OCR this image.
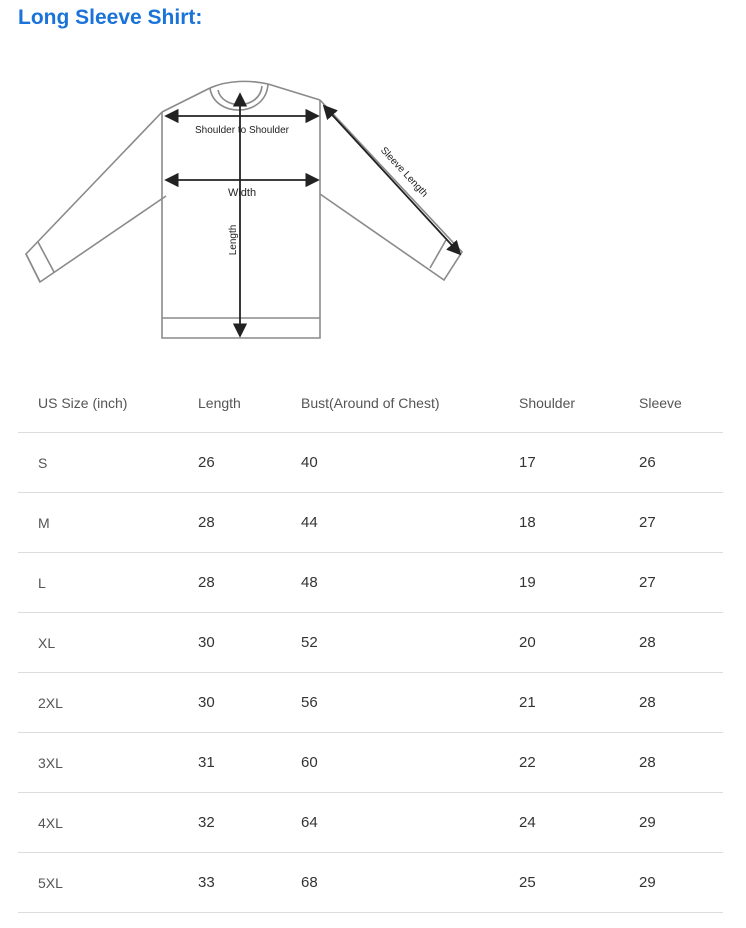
Long Sleeve Shirt:
Shoulder to Shoulder
Width
Length
Sleeve Length
US Size (inch)	Length	Bust(Around of Chest)	Shoulder	Sleeve
S	26	40	17	26
M	28	44	18	27
L	28	48	19	27
XL	30	52	20	28
2XL	30	56	21	28
3XL	31	60	22	28
4XL	32	64	24	29
5XL	33	68	25	29
